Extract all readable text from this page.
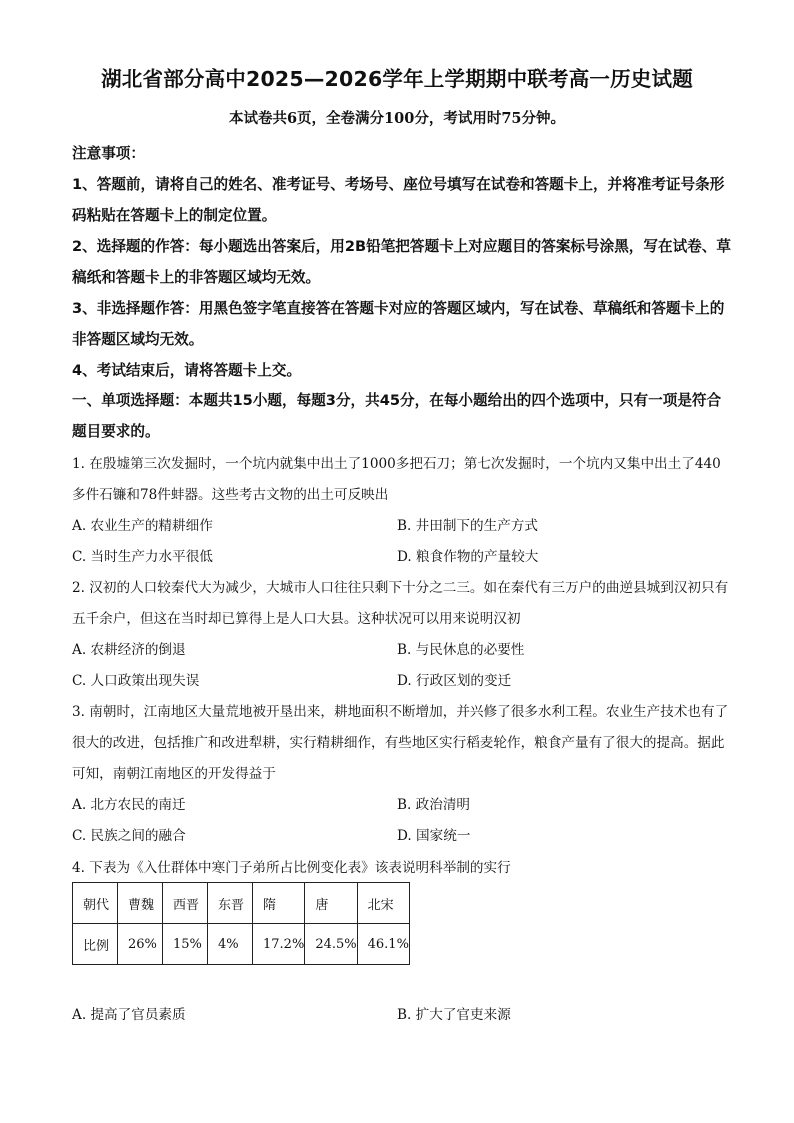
湖北省部分高中2025—2026学年上学期期中联考高一历史试题
本试卷共6页，全卷满分100分，考试用时75分钟。

注意事项：

1、答题前，请将自己的姓名、准考证号、考场号、座位号填写在试卷和答题卡上，并将准考证号条形码粘贴在答题卡上的制定位置。

2、选择题的作答：每小题选出答案后，用2B铅笔把答题卡上对应题目的答案标号涂黑，写在试卷、草稿纸和答题卡上的非答题区域均无效。

3、非选择题作答：用黑色签字笔直接答在答题卡对应的答题区域内，写在试卷、草稿纸和答题卡上的非答题区域均无效。

4、考试结束后，请将答题卡上交。

一、单项选择题：本题共15小题，每题3分，共45分，在每小题给出的四个选项中，只有一项是符合题目要求的。

1. 在殷墟第三次发掘时，一个坑内就集中出土了1000多把石刀；第七次发掘时，一个坑内又集中出土了440多件石镰和78件蚌器。这些考古文物的出土可反映出

A. 农业生产的精耕细作	B. 井田制下的生产方式
C. 当时生产力水平很低	D. 粮食作物的产量较大

2. 汉初的人口较秦代大为减少，大城市人口往往只剩下十分之二三。如在秦代有三万户的曲逆县城到汉初只有五千余户，但这在当时却已算得上是人口大县。这种状况可以用来说明汉初

A. 农耕经济的倒退	B. 与民休息的必要性
C. 人口政策出现失误	D. 行政区划的变迁

3. 南朝时，江南地区大量荒地被开垦出来，耕地面积不断增加，并兴修了很多水利工程。农业生产技术也有了很大的改进，包括推广和改进犁耕，实行精耕细作，有些地区实行稻麦轮作，粮食产量有了很大的提高。据此可知，南朝江南地区的开发得益于

A. 北方农民的南迁	B. 政治清明
C. 民族之间的融合	D. 国家统一

4. 下表为《入仕群体中寒门子弟所占比例变化表》该表说明科举制的实行

朝代	曹魏	西晋	东晋	隋	唐	北宋
比例	26%	15%	4%	17.2%	24.5%	46.1%
A. 提高了官员素质	B. 扩大了官吏来源
